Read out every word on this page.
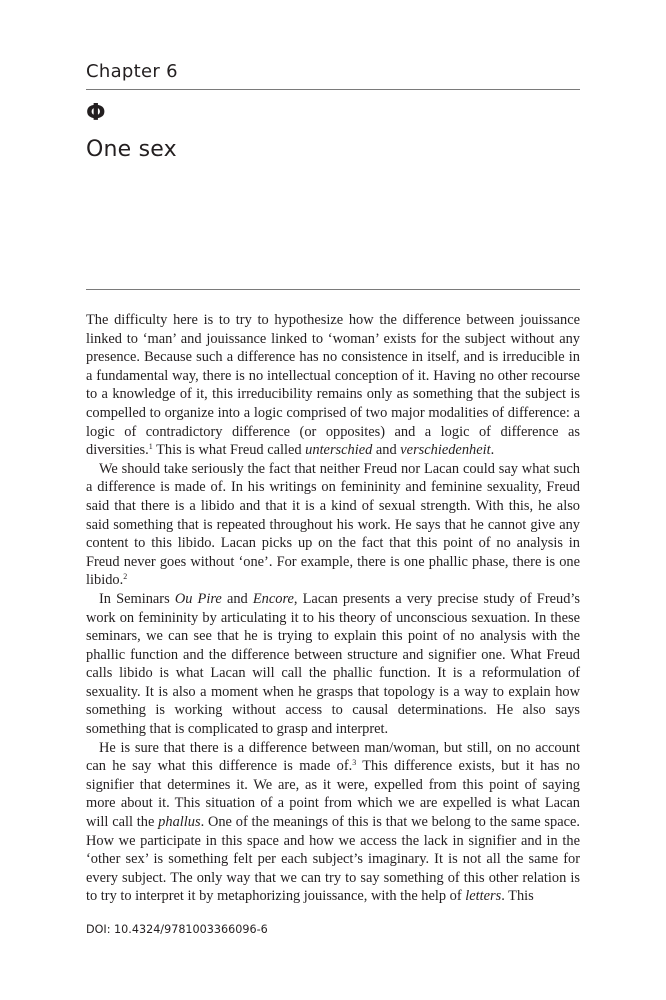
Chapter 6
Φ
One sex

The difficulty here is to try to hypothesize how the difference between jouissance linked to ‘man’ and jouissance linked to ‘woman’ exists for the subject without any presence. Because such a difference has no consistence in itself, and is irreducible in a fundamental way, there is no intellectual conception of it. Having no other recourse to a knowledge of it, this irreducibility remains only as something that the subject is compelled to organize into a logic comprised of two major modalities of difference: a logic of contradictory difference (or opposites) and a logic of difference as diversities.$^1$ This is what Freud called unterschied and verschiedenheit.

We should take seriously the fact that neither Freud nor Lacan could say what such a difference is made of. In his writings on femininity and feminine sexuality, Freud said that there is a libido and that it is a kind of sexual strength. With this, he also said something that is repeated throughout his work. He says that he cannot give any content to this libido. Lacan picks up on the fact that this point of no analysis in Freud never goes without ‘one’. For example, there is one phallic phase, there is one libido.$^2$

In Seminars Ou Pire and Encore, Lacan presents a very precise study of Freud’s work on femininity by articulating it to his theory of unconscious sexuation. In these seminars, we can see that he is trying to explain this point of no analysis with the phallic function and the difference between structure and signifier one. What Freud calls libido is what Lacan will call the phallic function. It is a reformulation of sexuality. It is also a moment when he grasps that topology is a way to explain how something is working without access to causal determinations. He also says something that is complicated to grasp and interpret.

He is sure that there is a difference between man/woman, but still, on no account can he say what this difference is made of.$^3$ This difference exists, but it has no signifier that determines it. We are, as it were, expelled from this point of saying more about it. This situation of a point from which we are expelled is what Lacan will call the phallus. One of the meanings of this is that we belong to the same space. How we participate in this space and how we access the lack in signifier and in the ‘other sex’ is something felt per each subject’s imaginary. It is not all the same for every subject. The only way that we can try to say something of this other relation is to try to interpret it by metaphorizing jouissance, with the help of letters. This

DOI: 10.4324/9781003366096-6
